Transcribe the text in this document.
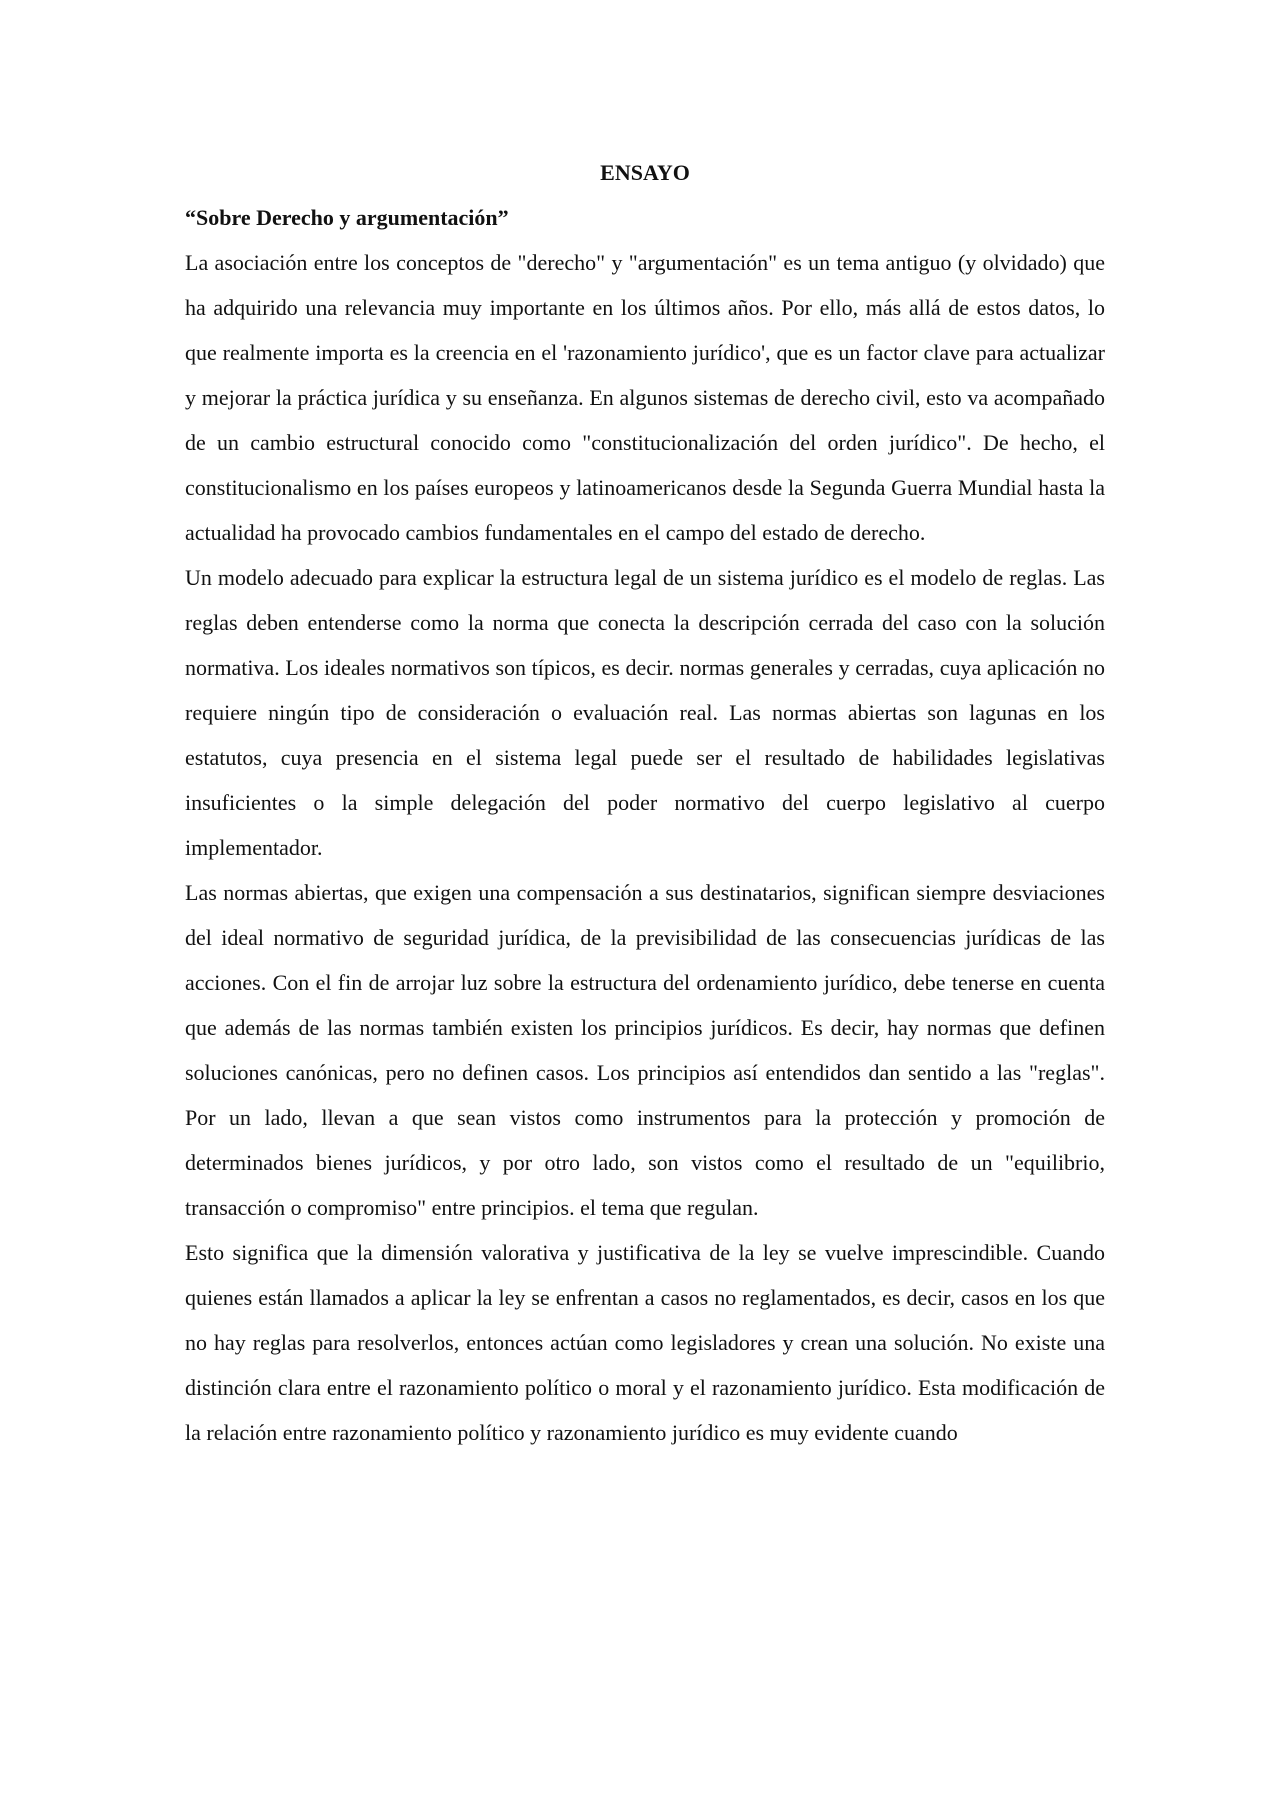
ENSAYO

“Sobre Derecho y argumentación”

La asociación entre los conceptos de "derecho" y "argumentación" es un tema antiguo (y olvidado) que ha adquirido una relevancia muy importante en los últimos años. Por ello, más allá de estos datos, lo que realmente importa es la creencia en el 'razonamiento jurídico', que es un factor clave para actualizar y mejorar la práctica jurídica y su enseñanza. En algunos sistemas de derecho civil, esto va acompañado de un cambio estructural conocido como "constitucionalización del orden jurídico". De hecho, el constitucionalismo en los países europeos y latinoamericanos desde la Segunda Guerra Mundial hasta la actualidad ha provocado cambios fundamentales en el campo del estado de derecho.

Un modelo adecuado para explicar la estructura legal de un sistema jurídico es el modelo de reglas. Las reglas deben entenderse como la norma que conecta la descripción cerrada del caso con la solución normativa. Los ideales normativos son típicos, es decir. normas generales y cerradas, cuya aplicación no requiere ningún tipo de consideración o evaluación real. Las normas abiertas son lagunas en los estatutos, cuya presencia en el sistema legal puede ser el resultado de habilidades legislativas insuficientes o la simple delegación del poder normativo del cuerpo legislativo al cuerpo implementador.

Las normas abiertas, que exigen una compensación a sus destinatarios, significan siempre desviaciones del ideal normativo de seguridad jurídica, de la previsibilidad de las consecuencias jurídicas de las acciones. Con el fin de arrojar luz sobre la estructura del ordenamiento jurídico, debe tenerse en cuenta que además de las normas también existen los principios jurídicos. Es decir, hay normas que definen soluciones canónicas, pero no definen casos. Los principios así entendidos dan sentido a las "reglas". Por un lado, llevan a que sean vistos como instrumentos para la protección y promoción de determinados bienes jurídicos, y por otro lado, son vistos como el resultado de un "equilibrio, transacción o compromiso" entre principios. el tema que regulan.

Esto significa que la dimensión valorativa y justificativa de la ley se vuelve imprescindible. Cuando quienes están llamados a aplicar la ley se enfrentan a casos no reglamentados, es decir, casos en los que no hay reglas para resolverlos, entonces actúan como legisladores y crean una solución. No existe una distinción clara entre el razonamiento político o moral y el razonamiento jurídico. Esta modificación de la relación entre razonamiento político y razonamiento jurídico es muy evidente cuando
